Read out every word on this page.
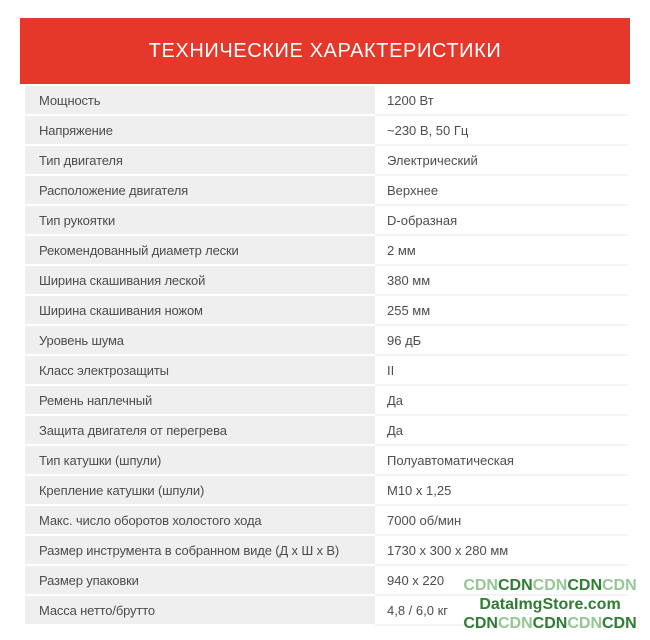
ТЕХНИЧЕСКИЕ ХАРАКТЕРИСТИКИ
Мощность	1200 Вт
Напряжение	~230 В, 50 Гц
Тип двигателя	Электрический
Расположение двигателя	Верхнее
Тип рукоятки	D-образная
Рекомендованный диаметр лески	2 мм
Ширина скашивания леской	380 мм
Ширина скашивания ножом	255 мм
Уровень шума	96 дБ
Класс электрозащиты	II
Ремень наплечный	Да
Защита двигателя от перегрева	Да
Тип катушки (шпули)	Полуавтоматическая
Крепление катушки (шпули)	M10 x 1,25
Макс. число оборотов холостого хода	7000 об/мин
Размер инструмента в собранном виде (Д х Ш х В)	1730 х 300 х 280 мм
Размер упаковки	940 х 220
Масса нетто/брутто	4,8 / 6,0 кг
CDNCDNCDNCDNCDN
DataImgStore.com
CDNCDNCDNCDNCDN
